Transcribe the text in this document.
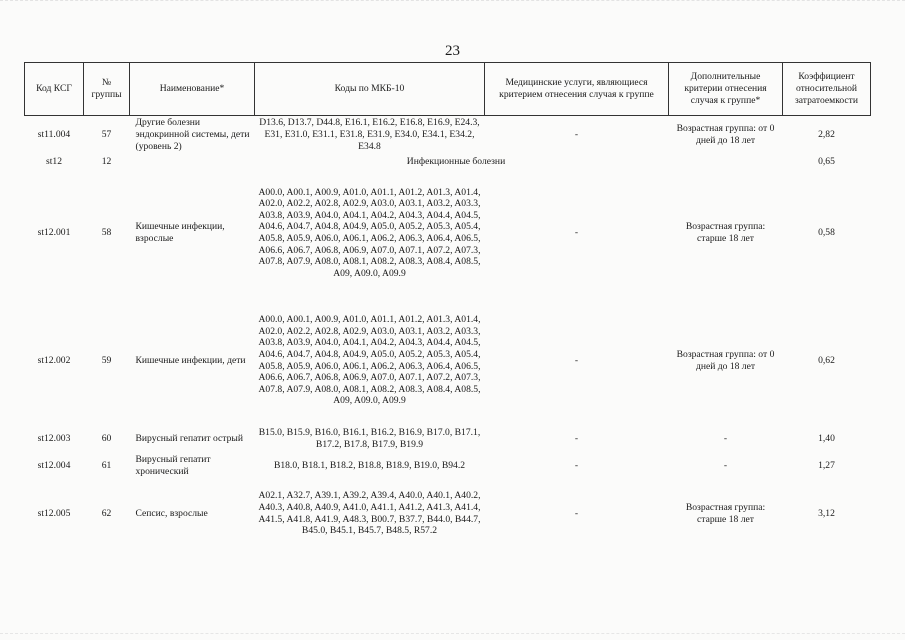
23
Код КСГ	№ группы	Наименование*	Коды по МКБ-10	Медицинские услуги, являющиеся критерием отнесения случая к группе	Дополнительные критерии отнесения случая к группе*	Коэффициент относительной затратоемкости
st11.004	57	Другие болезни эндокринной системы, дети (уровень 2)	D13.6, D13.7, D44.8, E16.1, E16.2, E16.8, E16.9, E24.3, E31, E31.0, E31.1, E31.8, E31.9, E34.0, E34.1, E34.2, E34.8	-	Возрастная группа: от 0 дней до 18 лет	2,82
st12	12	Инфекционные болезни				0,65
st12.001	58	Кишечные инфекции, взрослые	A00.0, A00.1, A00.9, A01.0, A01.1, A01.2, A01.3, A01.4, A02.0, A02.2, A02.8, A02.9, A03.0, A03.1, A03.2, A03.3, A03.8, A03.9, A04.0, A04.1, A04.2, A04.3, A04.4, A04.5, A04.6, A04.7, A04.8, A04.9, A05.0, A05.2, A05.3, A05.4, A05.8, A05.9, A06.0, A06.1, A06.2, A06.3, A06.4, A06.5, A06.6, A06.7, A06.8, A06.9, A07.0, A07.1, A07.2, A07.3, A07.8, A07.9, A08.0, A08.1, A08.2, A08.3, A08.4, A08.5, A09, A09.0, A09.9	-	Возрастная группа: старше 18 лет	0,58
st12.002	59	Кишечные инфекции, дети	A00.0, A00.1, A00.9, A01.0, A01.1, A01.2, A01.3, A01.4, A02.0, A02.2, A02.8, A02.9, A03.0, A03.1, A03.2, A03.3, A03.8, A03.9, A04.0, A04.1, A04.2, A04.3, A04.4, A04.5, A04.6, A04.7, A04.8, A04.9, A05.0, A05.2, A05.3, A05.4, A05.8, A05.9, A06.0, A06.1, A06.2, A06.3, A06.4, A06.5, A06.6, A06.7, A06.8, A06.9, A07.0, A07.1, A07.2, A07.3, A07.8, A07.9, A08.0, A08.1, A08.2, A08.3, A08.4, A08.5, A09, A09.0, A09.9	-	Возрастная группа: от 0 дней до 18 лет	0,62
st12.003	60	Вирусный гепатит острый	B15.0, B15.9, B16.0, B16.1, B16.2, B16.9, B17.0, B17.1, B17.2, B17.8, B17.9, B19.9	-	-	1,40
st12.004	61	Вирусный гепатит хронический	B18.0, B18.1, B18.2, B18.8, B18.9, B19.0, B94.2	-	-	1,27
st12.005	62	Сепсис, взрослые	A02.1, A32.7, A39.1, A39.2, A39.4, A40.0, A40.1, A40.2, A40.3, A40.8, A40.9, A41.0, A41.1, A41.2, A41.3, A41.4, A41.5, A41.8, A41.9, A48.3, B00.7, B37.7, B44.0, B44.7, B45.0, B45.1, B45.7, B48.5, R57.2	-	Возрастная группа: старше 18 лет	3,12
